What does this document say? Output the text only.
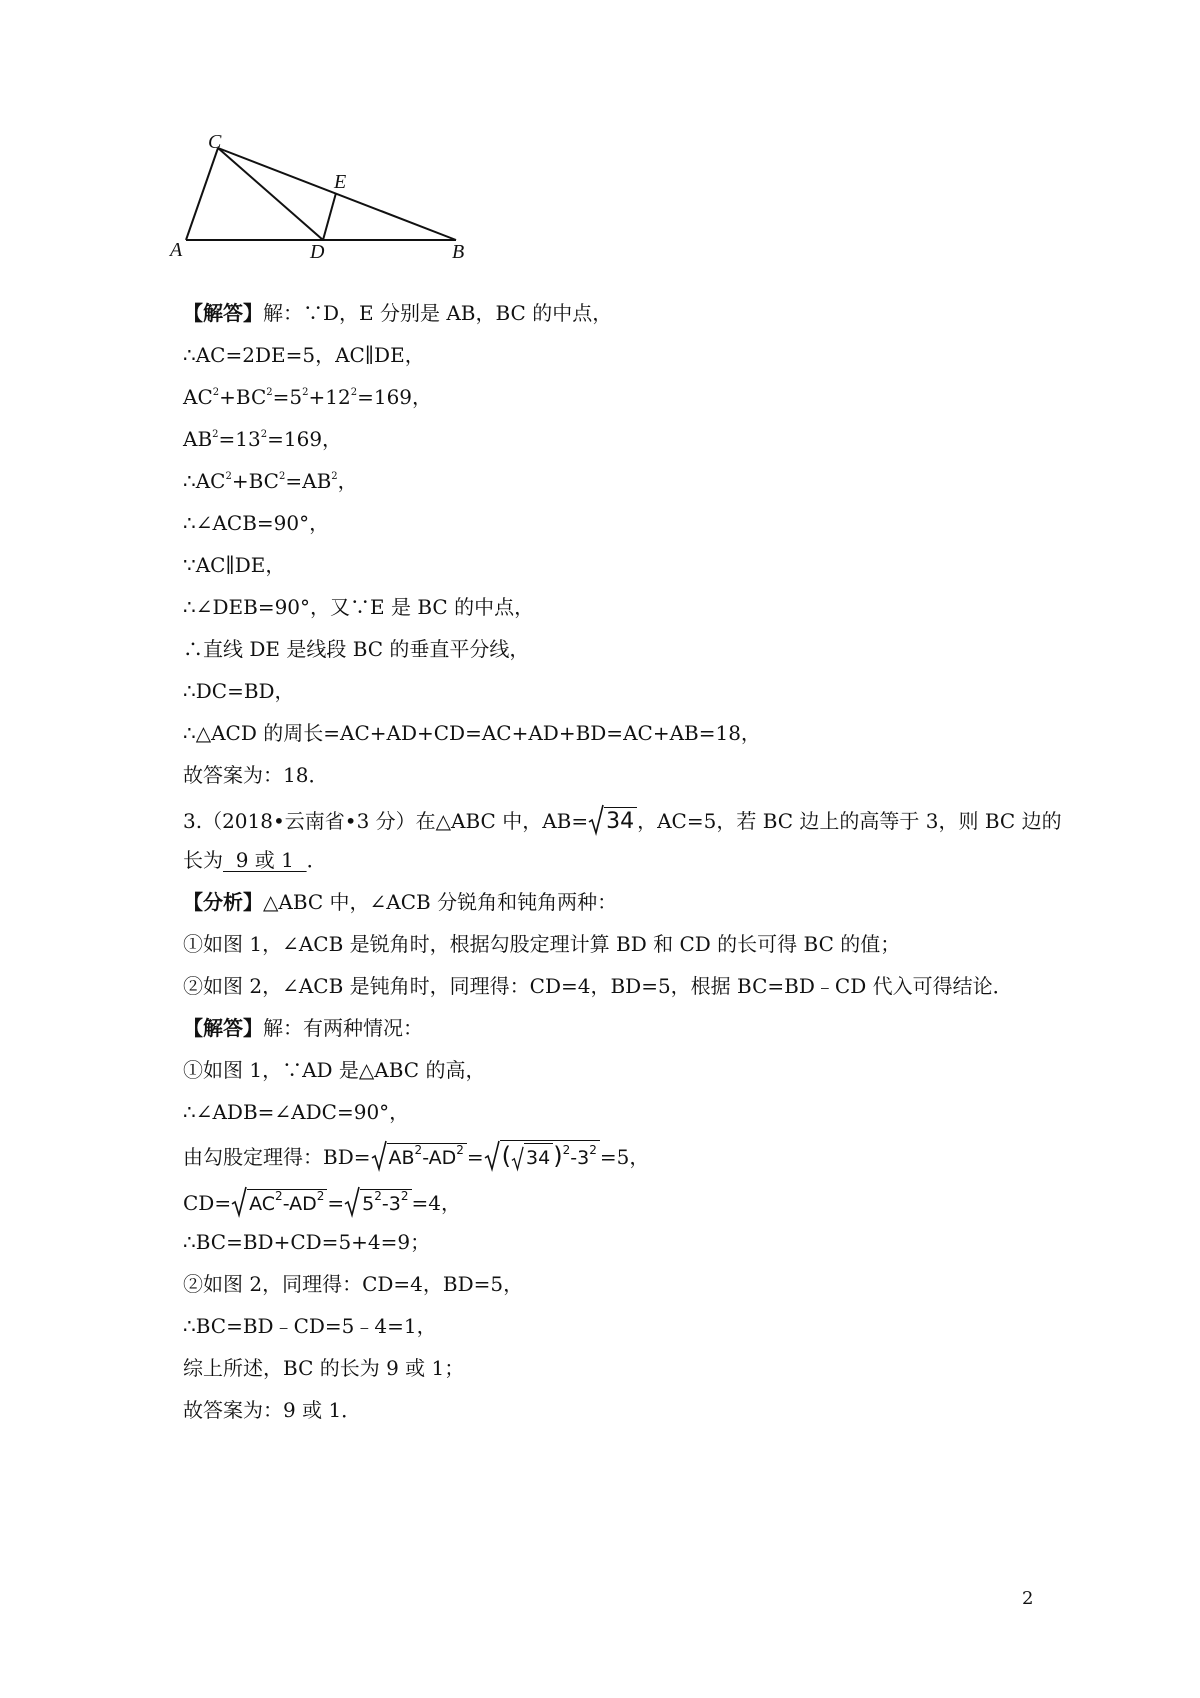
C
E
A	D	B
【解答】解：∵D，E 分别是 AB，BC 的中点，
∴AC=2DE=5，AC∥DE，
$AC^2+BC^2=5^2+12^2=169$，
$AB^2=13^2=169$，
$\therefore AC^2+BC^2=AB^2$，
∴∠ACB=90°，
∵AC∥DE，
∴∠DEB=90°，又∵E 是 BC 的中点，
∴直线 DE 是线段 BC 的垂直平分线，
∴DC=BD，
∴△ACD 的周长=AC+AD+CD=AC+AD+BD=AC+AB=18，
故答案为：18．
3.（2018•云南省•3 分）在△ABC 中，AB= 34 ，AC=5，若 BC 边上的高等于 3，则 BC 边的
长为  9 或 1  ．
【分析】△ABC 中，∠ACB 分锐角和钝角两种：
①如图 1，∠ACB 是锐角时，根据勾股定理计算 BD 和 CD 的长可得 BC 的值；
②如图 2，∠ACB 是钝角时，同理得：CD=4，BD=5，根据 BC=BD﹣CD 代入可得结论．
【解答】解：有两种情况：
①如图 1，∵AD 是△ABC 的高，
∴∠ADB=∠ADC=90°，
由勾股定理得：$BD= AB^2-AD^2$ = ( 34 )$^2-3^2 =5$，
$CD= AC^2-AD^2 = 5^2-3^2 =4$，
∴BC=BD+CD=5+4=9；
②如图 2，同理得：CD=4，BD=5，
∴BC=BD﹣CD=5﹣4=1，
综上所述，BC 的长为 9 或 1；
故答案为：9 或 1．
2
